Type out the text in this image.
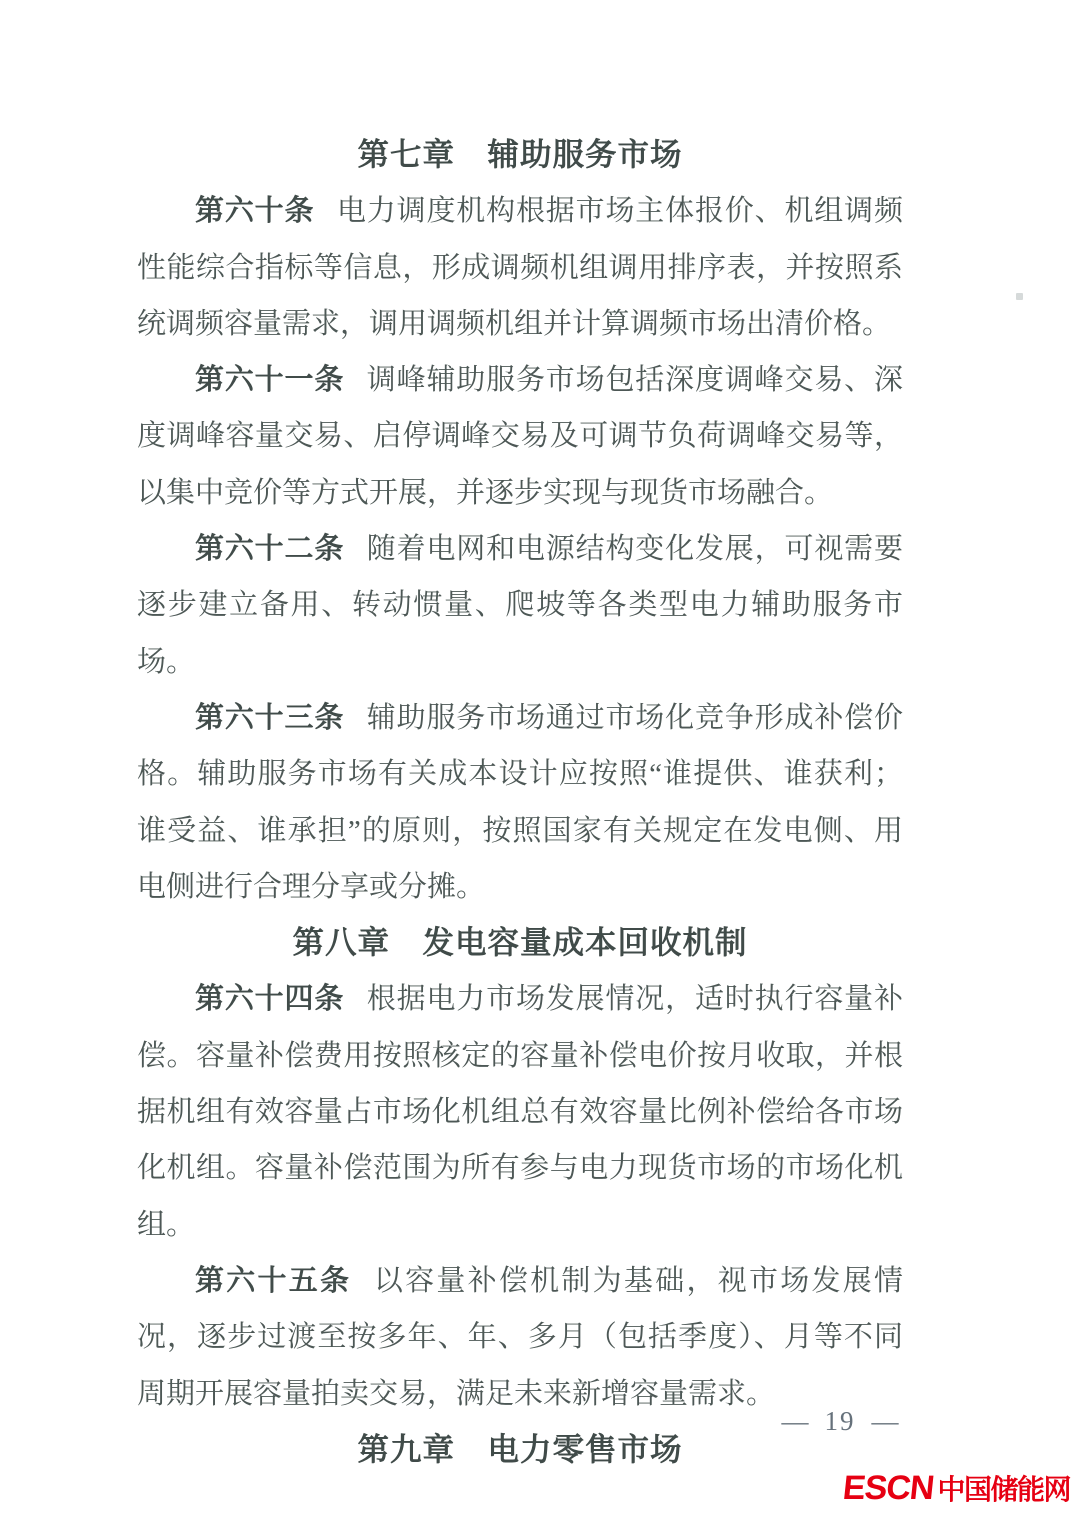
第七章　辅助服务市场

第六十条 电力调度机构根据市场主体报价、机组调频性能综合指标等信息，形成调频机组调用排序表，并按照系统调频容量需求，调用调频机组并计算调频市场出清价格。

第六十一条 调峰辅助服务市场包括深度调峰交易、深度调峰容量交易、启停调峰交易及可调节负荷调峰交易等，以集中竞价等方式开展，并逐步实现与现货市场融合。

第六十二条 随着电网和电源结构变化发展，可视需要逐步建立备用、转动惯量、爬坡等各类型电力辅助服务市场。

第六十三条 辅助服务市场通过市场化竞争形成补偿价格。辅助服务市场有关成本设计应按照“谁提供、谁获利；谁受益、谁承担”的原则，按照国家有关规定在发电侧、用电侧进行合理分享或分摊。

第八章　发电容量成本回收机制

第六十四条 根据电力市场发展情况，适时执行容量补偿。容量补偿费用按照核定的容量补偿电价按月收取，并根据机组有效容量占市场化机组总有效容量比例补偿给各市场化机组。容量补偿范围为所有参与电力现货市场的市场化机组。

第六十五条 以容量补偿机制为基础，视市场发展情况，逐步过渡至按多年、年、多月（包括季度）、月等不同周期开展容量拍卖交易，满足未来新增容量需求。

第九章　电力零售市场
— 19 —
ESCN 中国储能网
